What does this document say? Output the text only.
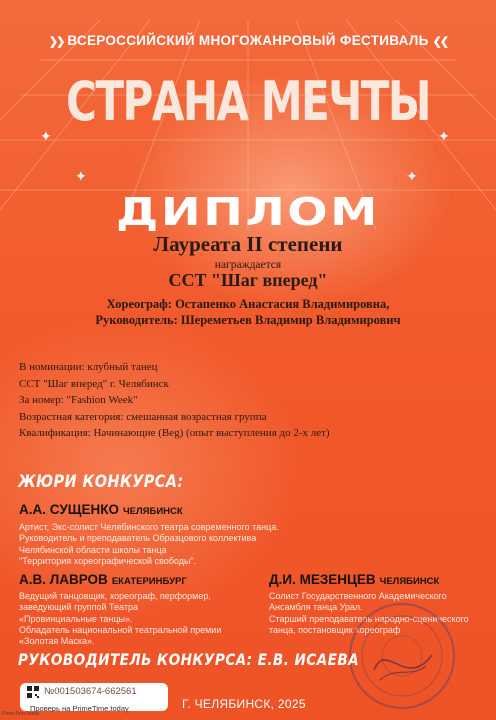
❯❯ ВСЕРОССИЙСКИЙ МНОГОЖАНРОВЫЙ ФЕСТИВАЛЬ ❮❮
СТРАНА МЕЧТЫ
✦
✦
✦
✦
ДИПЛОМ
Лауреата II степени
награждается
ССТ "Шаг вперед"
Хореограф: Остапенко Анастасия Владимировна,
Руководитель: Шереметьев Владимир Владимирович
В номинации: клубный танец
ССТ "Шаг вперед" г. Челябинск
За номер: "Fashion Week"
Возрастная категория: смешанная возрастная группа
Квалификация: Начинающие (Beg) (опыт выступления до 2-х лет)
ЖЮРИ КОНКУРСА:
А.А. СУЩЕНКО ЧЕЛЯБИНСК
Артист, Экс-солист Челябинского театра современного танца.
Руководитель и преподаватель Образцового коллектива
Челябинской области школы танца
"Территория хореографической свободы".
А.В. ЛАВРОВ ЕКАТЕРИНБУРГ
Ведущий танцовщик, хореограф, перформер,
заведующий группой Театра
«Провинциальные танцы».
Обладатель национальной театральной премии
«Золотая Маска».
Д.И. МЕЗЕНЦЕВ ЧЕЛЯБИНСК
Солист Государственного Академического
Ансамбля танца Урал.
Старший преподаватель народно-сценического
танца, постановщик хореограф
РУКОВОДИТЕЛЬ КОНКУРСА: Е.В. ИСАЕВА
№001503674-662561
Проверь на PrimeTime.today
PrimeTime.today
Г. ЧЕЛЯБИНСК, 2025
